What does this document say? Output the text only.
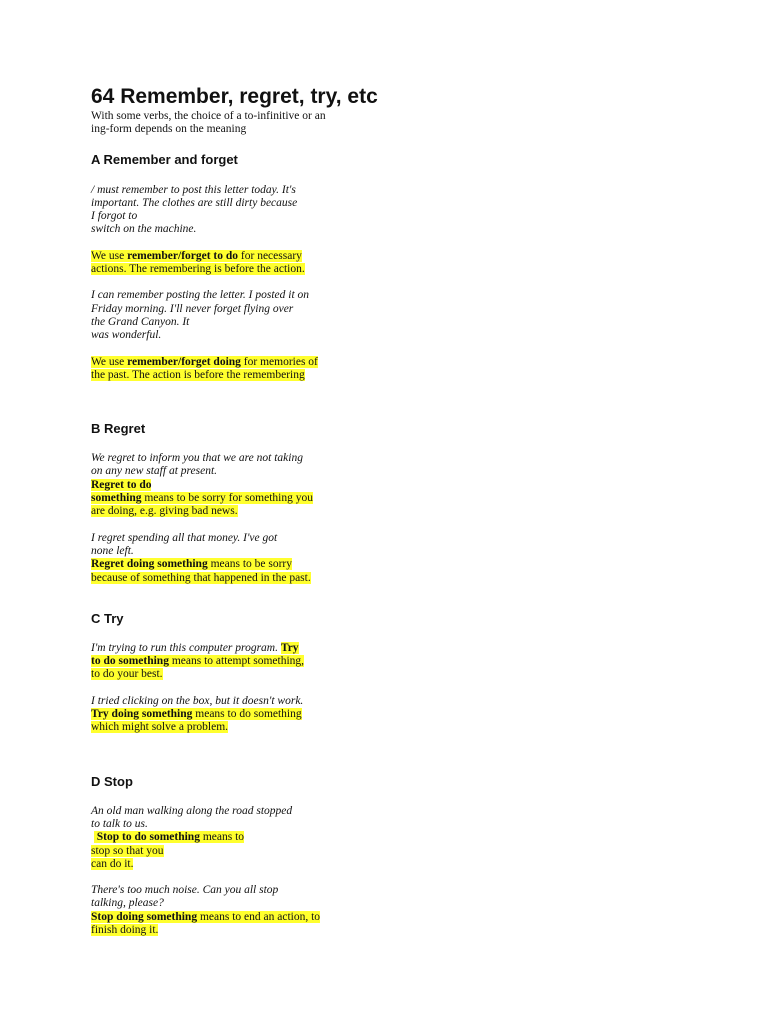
64 Remember, regret, try, etc

With some verbs, the choice of a to-infinitive or an
ing-form depends on the meaning

A Remember and forget

/ must remember to post this letter today. It's
important. The clothes are still dirty because
I forgot to
switch on the machine.

We use remember/forget to do for necessary
actions. The remembering is before the action.

I can remember posting the letter. I posted it on
Friday morning. I'll never forget flying over
the Grand Canyon. It
was wonderful.

We use remember/forget doing for memories of
the past. The action is before the remembering

B Regret

We regret to inform you that we are not taking
on any new staff at present.

Regret to do
something means to be sorry for something you
are doing, e.g. giving bad news.

I regret spending all that money. I've got
none left.

Regret doing something means to be sorry
because of something that happened in the past.

C Try

I'm trying to run this computer program. Try
to do something means to attempt something,
to do your best.

I tried clicking on the box, but it doesn't work.

Try doing something means to do something
which might solve a problem.

D Stop

An old man walking along the road stopped
to talk to us.

Stop to do something means to
stop so that you
can do it.

There's too much noise. Can you all stop
talking, please?

Stop doing something means to end an action, to
finish doing it.
